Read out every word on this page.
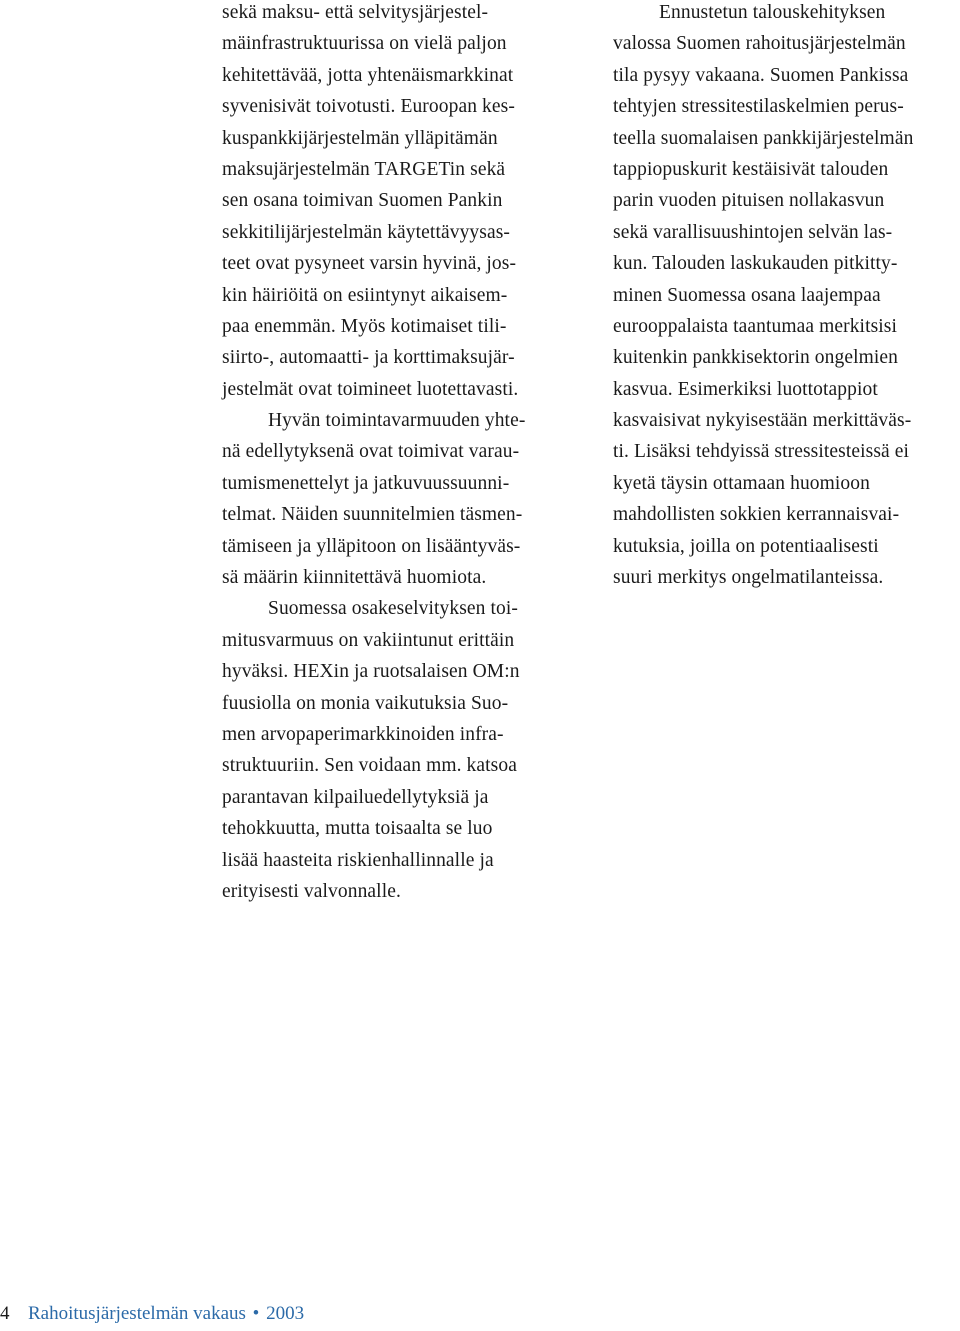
sekä maksu- että selvitysjärjestel-
mäinfrastruktuurissa on vielä paljon
kehitettävää, jotta yhtenäismarkkinat
syvenisivät toivotusti. Euroopan kes-
kuspankkijärjestelmän ylläpitämän
maksujärjestelmän TARGETin sekä
sen osana toimivan Suomen Pankin
sekkitilijärjestelmän käytettävyysas-
teet ovat pysyneet varsin hyvinä, jos-
kin häiriöitä on esiintynyt aikaisem-
paa enemmän. Myös kotimaiset tili-
siirto-, automaatti- ja korttimaksujär-
jestelmät ovat toimineet luotettavasti.
Hyvän toimintavarmuuden yhte-
nä edellytyksenä ovat toimivat varau-
tumismenettelyt ja jatkuvuussuunni-
telmat. Näiden suunnitelmien täsmen-
tämiseen ja ylläpitoon on lisääntyväs-
sä määrin kiinnitettävä huomiota.
Suomessa osakeselvityksen toi-
mitusvarmuus on vakiintunut erittäin
hyväksi. HEXin ja ruotsalaisen OM:n
fuusiolla on monia vaikutuksia Suo-
men arvopaperimarkkinoiden infra-
struktuuriin. Sen voidaan mm. katsoa
parantavan kilpailuedellytyksiä ja
tehokkuutta, mutta toisaalta se luo
lisää haasteita riskienhallinnalle ja
erityisesti valvonnalle.
Ennustetun talouskehityksen
valossa Suomen rahoitusjärjestelmän
tila pysyy vakaana. Suomen Pankissa
tehtyjen stressitestilaskelmien perus-
teella suomalaisen pankkijärjestelmän
tappiopuskurit kestäisivät talouden
parin vuoden pituisen nollakasvun
sekä varallisuushintojen selvän las-
kun. Talouden laskukauden pitkitty-
minen Suomessa osana laajempaa
eurooppalaista taantumaa merkitsisi
kuitenkin pankkisektorin ongelmien
kasvua. Esimerkiksi luottotappiot
kasvaisivat nykyisestään merkittäväs-
ti. Lisäksi tehdyissä stressitesteissä ei
kyetä täysin ottamaan huomioon
mahdollisten sokkien kerrannaisvai-
kutuksia, joilla on potentiaalisesti
suuri merkitys ongelmatilanteissa.
4 Rahoitusjärjestelmän vakaus • 2003
